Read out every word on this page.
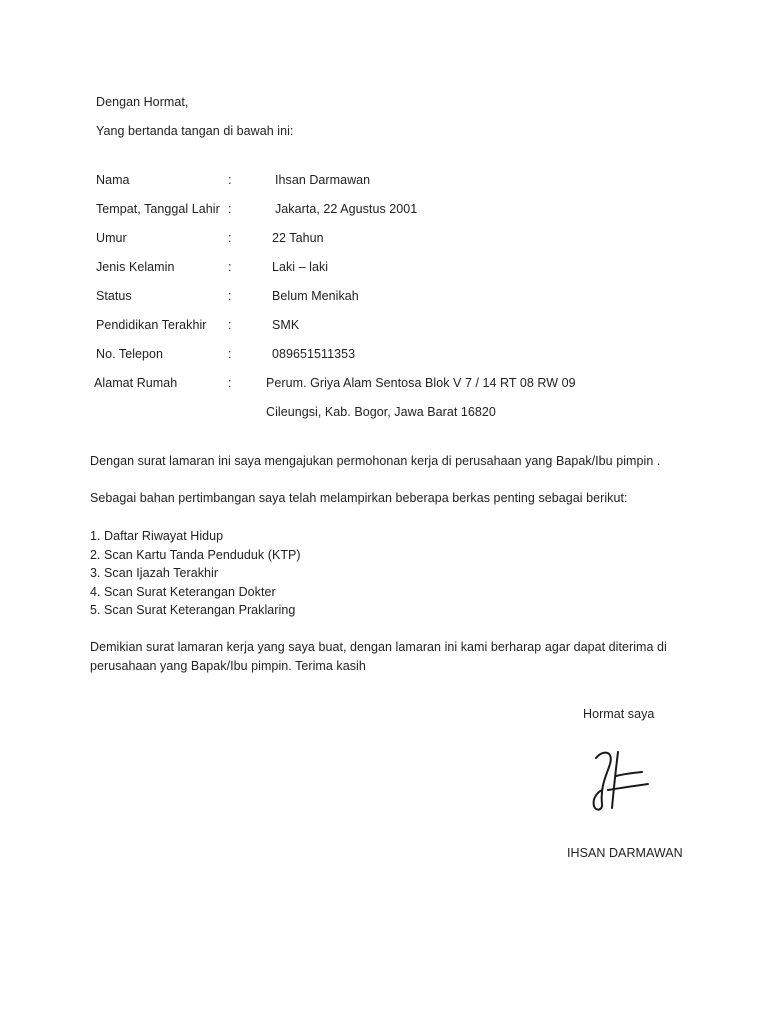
Dengan Hormat,
Yang bertanda tangan di bawah ini:
Nama	:	Ihsan Darmawan
Tempat, Tanggal Lahir :	Jakarta, 22 Agustus 2001
Umur	:	22 Tahun
Jenis Kelamin	:	Laki – laki
Status	:	Belum Menikah
Pendidikan Terakhir :	SMK
No. Telepon	:	089651511353
Alamat Rumah	:	Perum. Griya Alam Sentosa Blok V 7 / 14 RT 08 RW 09
Cileungsi, Kab. Bogor, Jawa Barat 16820
Dengan surat lamaran ini saya mengajukan permohonan kerja di perusahaan yang Bapak/Ibu pimpin .
Sebagai bahan pertimbangan saya telah melampirkan beberapa berkas penting sebagai berikut:
1. Daftar Riwayat Hidup
2. Scan Kartu Tanda Penduduk (KTP)
3. Scan Ijazah Terakhir
4. Scan Surat Keterangan Dokter
5. Scan Surat Keterangan Praklaring
Demikian surat lamaran kerja yang saya buat, dengan lamaran ini kami berharap agar dapat diterima di
perusahaan yang Bapak/Ibu pimpin. Terima kasih
Hormat saya
IHSAN DARMAWAN
